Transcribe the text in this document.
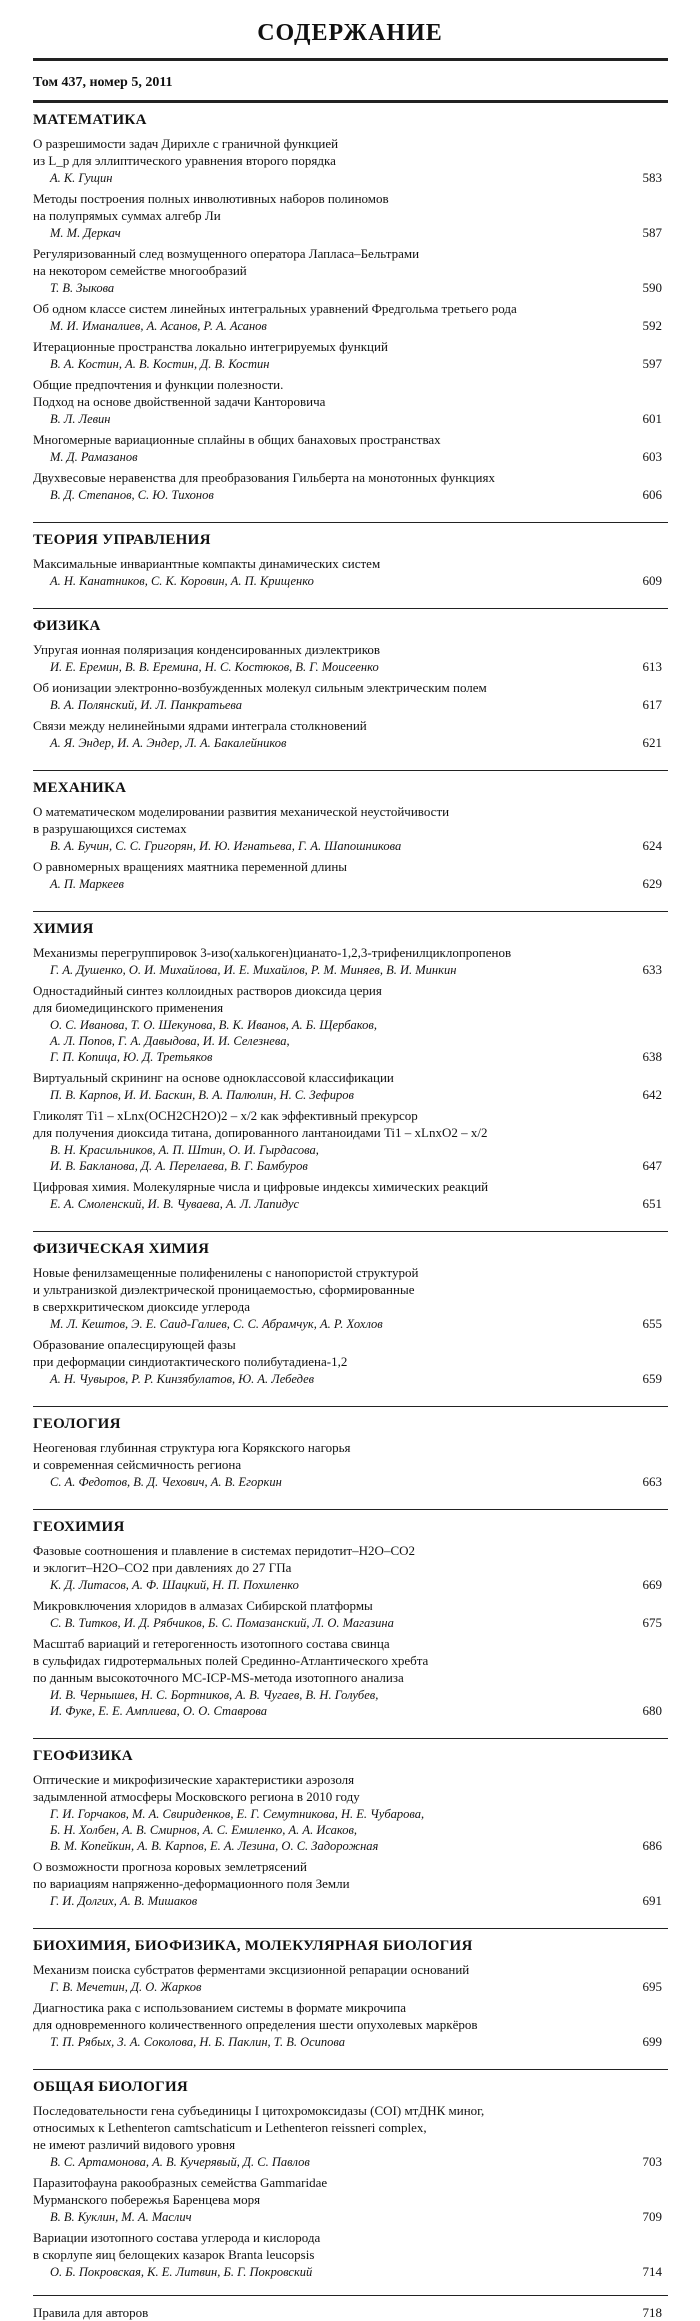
СОДЕРЖАНИЕ
Том 437, номер 5, 2011
МАТЕМАТИКА
О разрешимости задач Дирихле с граничной функцией
из L_p для эллиптического уравнения второго порядка
А. К. Гущин	583
Методы построения полных инволютивных наборов полиномов
на полупрямых суммах алгебр Ли
М. М. Деркач	587
Регуляризованный след возмущенного оператора Лапласа–Бельтрами
на некотором семействе многообразий
Т. В. Зыкова	590
Об одном классе систем линейных интегральных уравнений Фредгольма третьего рода
М. И. Иманалиев, А. Асанов, Р. А. Асанов	592
Итерационные пространства локально интегрируемых функций
В. А. Костин, А. В. Костин, Д. В. Костин	597
Общие предпочтения и функции полезности.
Подход на основе двойственной задачи Канторовича
В. Л. Левин	601
Многомерные вариационные сплайны в общих банаховых пространствах
М. Д. Рамазанов	603
Двухвесовые неравенства для преобразования Гильберта на монотонных функциях
В. Д. Степанов, С. Ю. Тихонов	606
ТЕОРИЯ УПРАВЛЕНИЯ
Максимальные инвариантные компакты динамических систем
А. Н. Канатников, С. К. Коровин, А. П. Крищенко	609
ФИЗИКА
Упругая ионная поляризация конденсированных диэлектриков
И. Е. Еремин, В. В. Еремина, Н. С. Костюков, В. Г. Моисеенко	613
Об ионизации электронно-возбужденных молекул сильным электрическим полем
В. А. Полянский, И. Л. Панкратьева	617
Связи между нелинейными ядрами интеграла столкновений
А. Я. Эндер, И. А. Эндер, Л. А. Бакалейников	621
МЕХАНИКА
О математическом моделировании развития механической неустойчивости
в разрушающихся системах
В. А. Бучин, С. С. Григорян, И. Ю. Игнатьева, Г. А. Шапошникова	624
О равномерных вращениях маятника переменной длины
А. П. Маркеев	629
ХИМИЯ
Механизмы перегруппировок 3-изо(халькоген)цианато-1,2,3-трифенилциклопропенов
Г. А. Душенко, О. И. Михайлова, И. Е. Михайлов, Р. М. Миняев, В. И. Минкин	633
Одностадийный синтез коллоидных растворов диоксида церия
для биомедицинского применения
О. С. Иванова, Т. О. Шекунова, В. К. Иванов, А. Б. Щербаков,
А. Л. Попов, Г. А. Давыдова, И. И. Селезнева,
Г. П. Копица, Ю. Д. Третьяков	638
Виртуальный скрининг на основе одноклассовой классификации
П. В. Карпов, И. И. Баскин, В. А. Палюлин, Н. С. Зефиров	642
Гликолят Ti1 – xLnx(OCH2CH2O)2 – x/2 как эффективный прекурсор
для получения диоксида титана, допированного лантаноидами Ti1 – xLnxO2 – x/2
В. Н. Красильников, А. П. Штин, О. И. Гырдасова,
И. В. Бакланова, Д. А. Перелаева, В. Г. Бамбуров	647
Цифровая химия. Молекулярные числа и цифровые индексы химических реакций
Е. А. Смоленский, И. В. Чуваева, А. Л. Лапидус	651
ФИЗИЧЕСКАЯ ХИМИЯ
Новые фенилзамещенные полифенилены с нанопористой структурой
и ультранизкой диэлектрической проницаемостью, сформированные
в сверхкритическом диоксиде углерода
М. Л. Кештов, Э. Е. Саид-Галиев, С. С. Абрамчук, А. Р. Хохлов	655
Образование опалесцирующей фазы
при деформации синдиотактического полибутадиена-1,2
А. Н. Чувыров, Р. Р. Кинзябулатов, Ю. А. Лебедев	659
ГЕОЛОГИЯ
Неогеновая глубинная структура юга Корякского нагорья
и современная сейсмичность региона
С. А. Федотов, В. Д. Чехович, А. В. Егоркин	663
ГЕОХИМИЯ
Фазовые соотношения и плавление в системах перидотит–H2O–CO2
и эклогит–H2O–CO2 при давлениях до 27 ГПа
К. Д. Литасов, А. Ф. Шацкий, Н. П. Похиленко	669
Микровключения хлоридов в алмазах Сибирской платформы
С. В. Титков, И. Д. Рябчиков, Б. С. Помазанский, Л. О. Магазина	675
Масштаб вариаций и гетерогенность изотопного состава свинца
в сульфидах гидротермальных полей Срединно-Атлантического хребта
по данным высокоточного MC-ICP-MS-метода изотопного анализа
И. В. Чернышев, Н. С. Бортников, А. В. Чугаев, В. Н. Голубев,
И. Фуке, Е. Е. Амплиева, О. О. Ставрова	680
ГЕОФИЗИКА
Оптические и микрофизические характеристики аэрозоля
задымленной атмосферы Московского региона в 2010 году
Г. И. Горчаков, М. А. Свириденков, Е. Г. Семутникова, Н. Е. Чубарова,
Б. Н. Холбен, А. В. Смирнов, А. С. Емиленко, А. А. Исаков,
В. М. Копейкин, А. В. Карпов, Е. А. Лезина, О. С. Задорожная	686
О возможности прогноза коровых землетрясений
по вариациям напряженно-деформационного поля Земли
Г. И. Долгих, А. В. Мишаков	691
БИОХИМИЯ, БИОФИЗИКА, МОЛЕКУЛЯРНАЯ БИОЛОГИЯ
Механизм поиска субстратов ферментами эксцизионной репарации оснований
Г. В. Мечетин, Д. О. Жарков	695
Диагностика рака с использованием системы в формате микрочипа
для одновременного количественного определения шести опухолевых маркёров
Т. П. Рябых, З. А. Соколова, Н. Б. Паклин, Т. В. Осипова	699
ОБЩАЯ БИОЛОГИЯ
Последовательности гена субъединицы I цитохромоксидазы (COI) мтДНК миног,
относимых к Lethenteron camtschaticum и Lethenteron reissneri complex,
не имеют различий видового уровня
В. С. Артамонова, А. В. Кучерявый, Д. С. Павлов	703
Паразитофауна ракообразных семейства Gammaridae
Мурманского побережья Баренцева моря
В. В. Куклин, М. А. Маслич	709
Вариации изотопного состава углерода и кислорода
в скорлупе яиц белощеких казарок Branta leucopsis
О. Б. Покровская, К. Е. Литвин, Б. Г. Покровский	714
Правила для авторов	718
